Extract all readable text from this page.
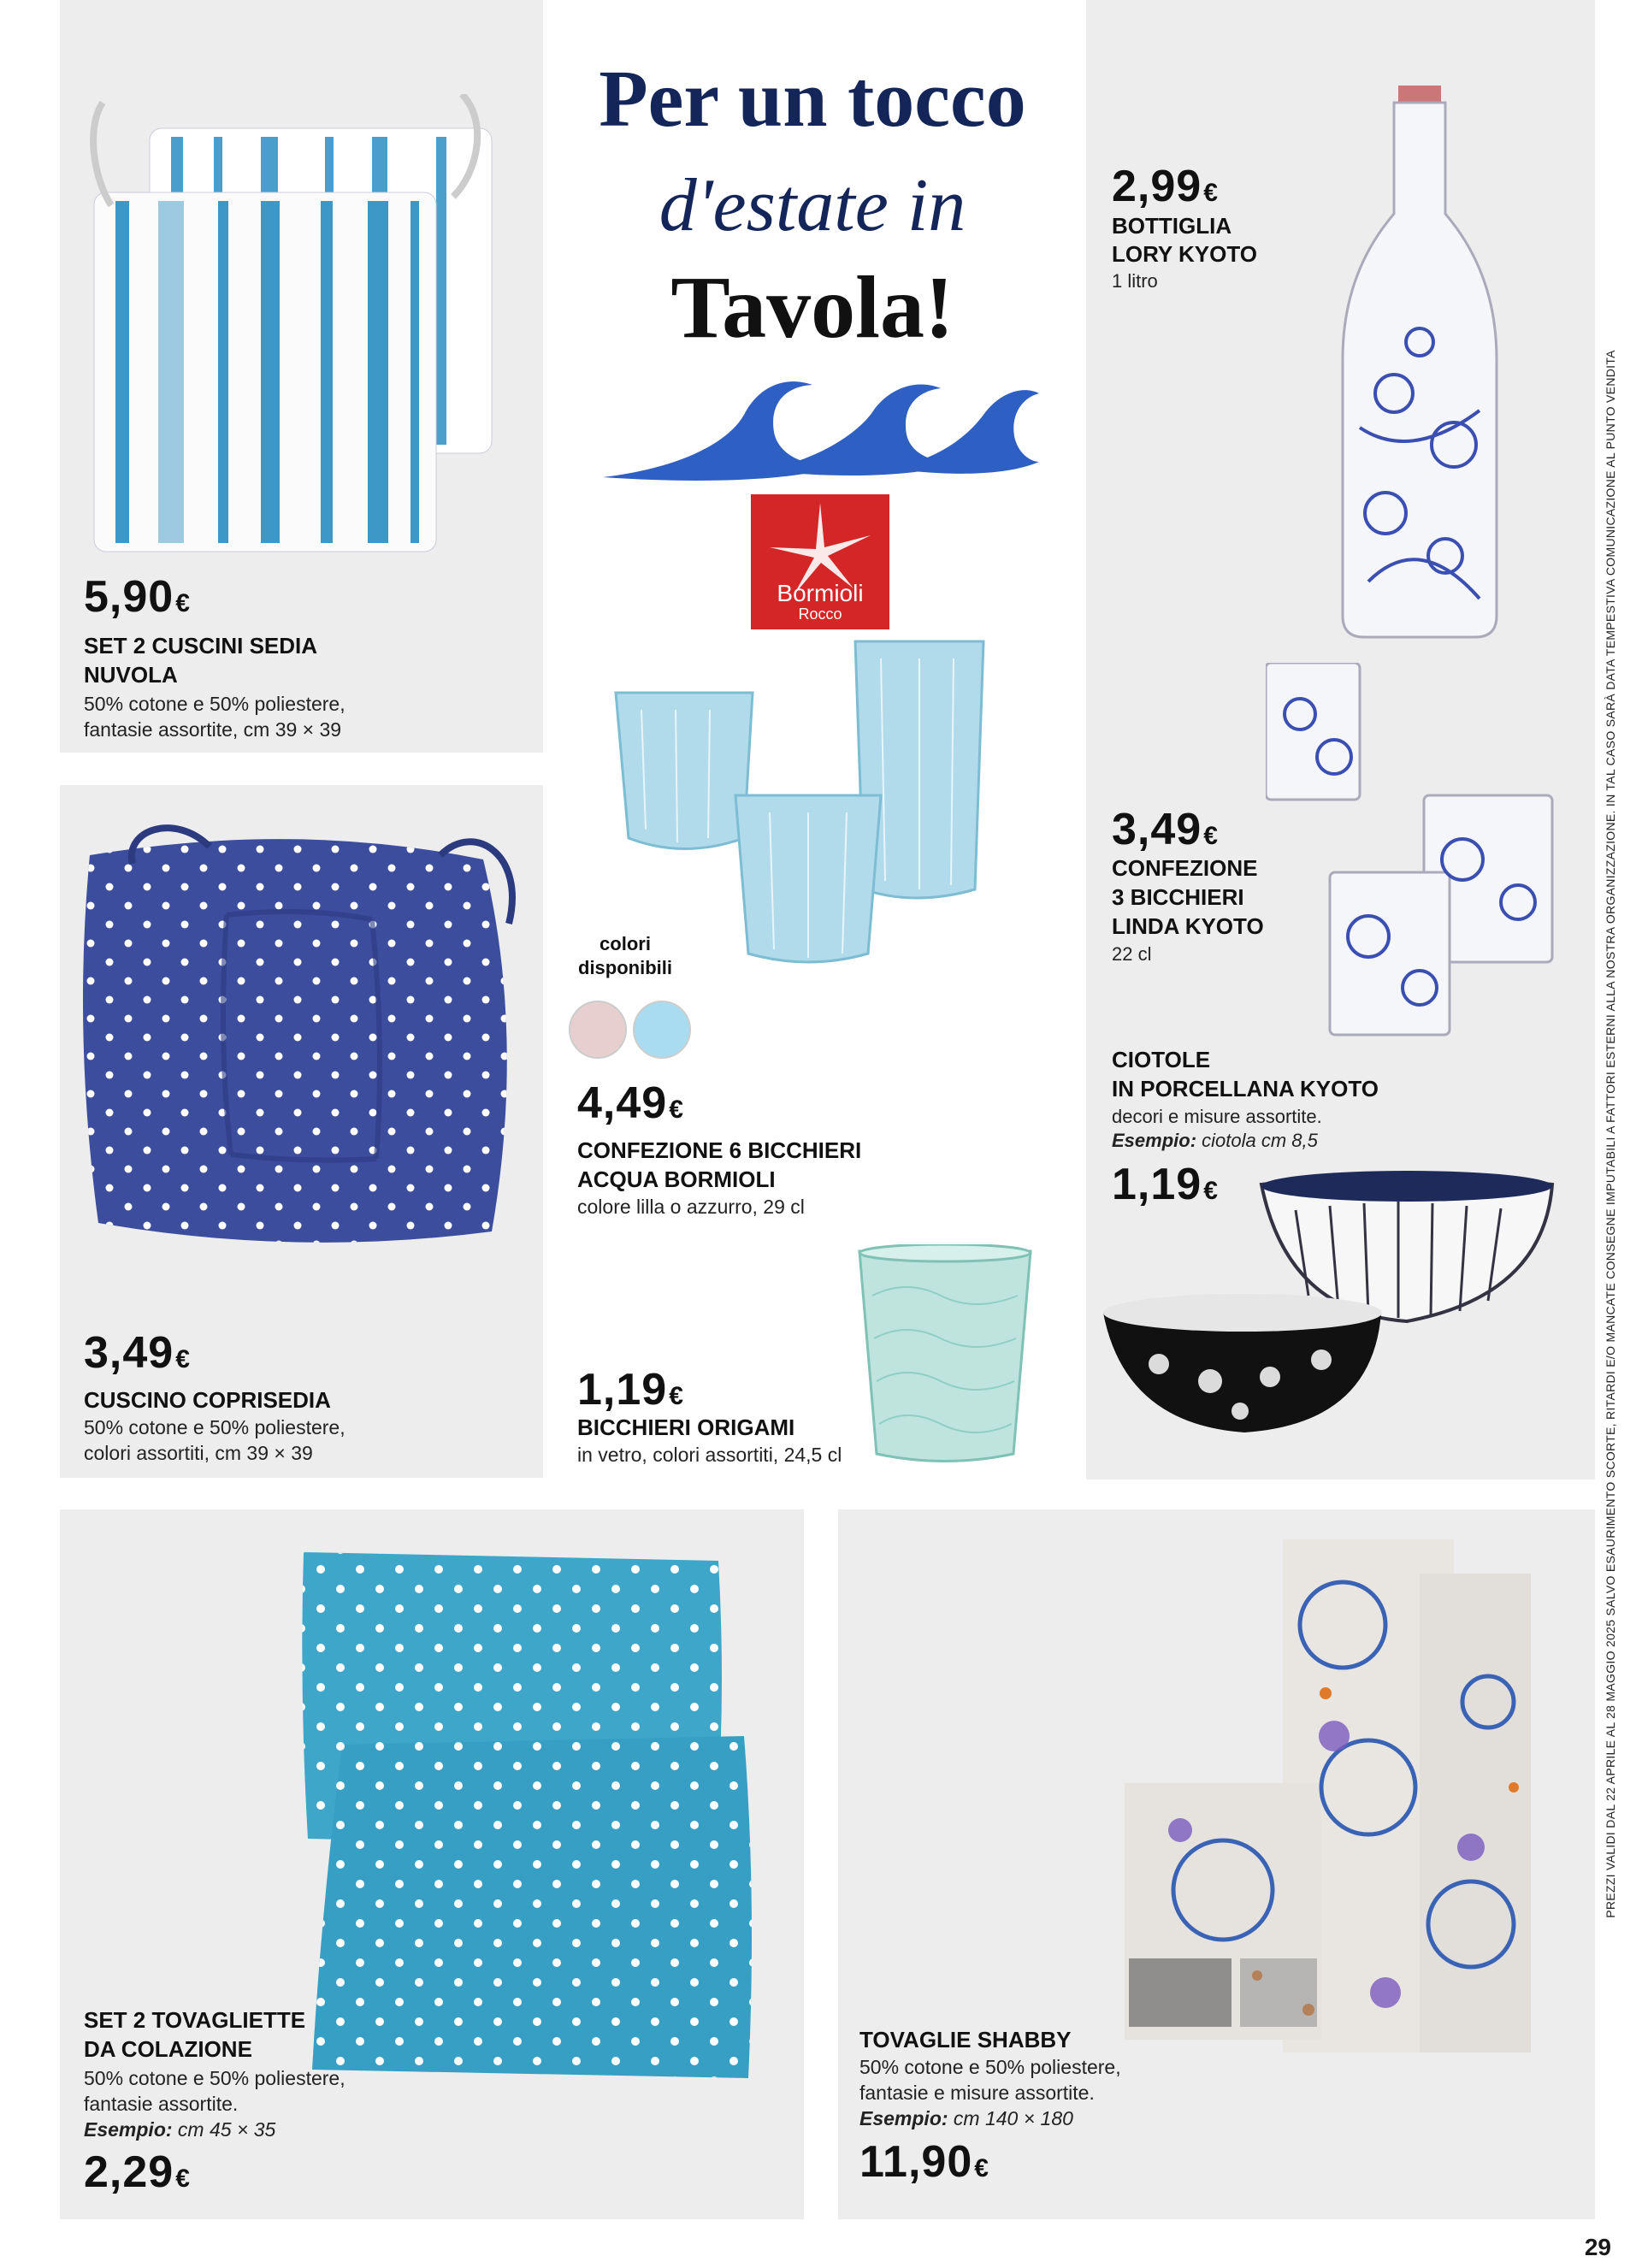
Per un tocco
d'estate in
Tavola!
Bormioli
Rocco
5,90€
SET 2 CUSCINI SEDIA
NUVOLA
50% cotone e 50% poliestere,
fantasie assortite, cm 39 × 39
3,49€
CUSCINO COPRISEDIA
50% cotone e 50% poliestere,
colori assortiti, cm 39 × 39
2,99€
BOTTIGLIA
LORY KYOTO
1 litro
3,49€
CONFEZIONE
3 BICCHIERI
LINDA KYOTO
22 cl
CIOTOLE
IN PORCELLANA KYOTO
decori e misure assortite.
Esempio: ciotola cm 8,5
1,19€
colori
disponibili
4,49€
CONFEZIONE 6 BICCHIERI
ACQUA BORMIOLI
colore lilla o azzurro, 29 cl
1,19€
BICCHIERI ORIGAMI
in vetro, colori assortiti, 24,5 cl
SET 2 TOVAGLIETTE
DA COLAZIONE
50% cotone e 50% poliestere,
fantasie assortite.
Esempio: cm 45 × 35
2,29€
TOVAGLIE SHABBY
50% cotone e 50% poliestere,
fantasie e misure assortite.
Esempio: cm 140 × 180
11,90€
PREZZI VALIDI DAL 22 APRILE AL 28 MAGGIO 2025 SALVO ESAURIMENTO SCORTE, RITARDI E/O MANCATE CONSEGNE IMPUTABILI A FATTORI ESTERNI ALLA NOSTRA ORGANIZZAZIONE. IN TAL CASO SARÀ DATA TEMPESTIVA COMUNICAZIONE AL PUNTO VENDITA
29
